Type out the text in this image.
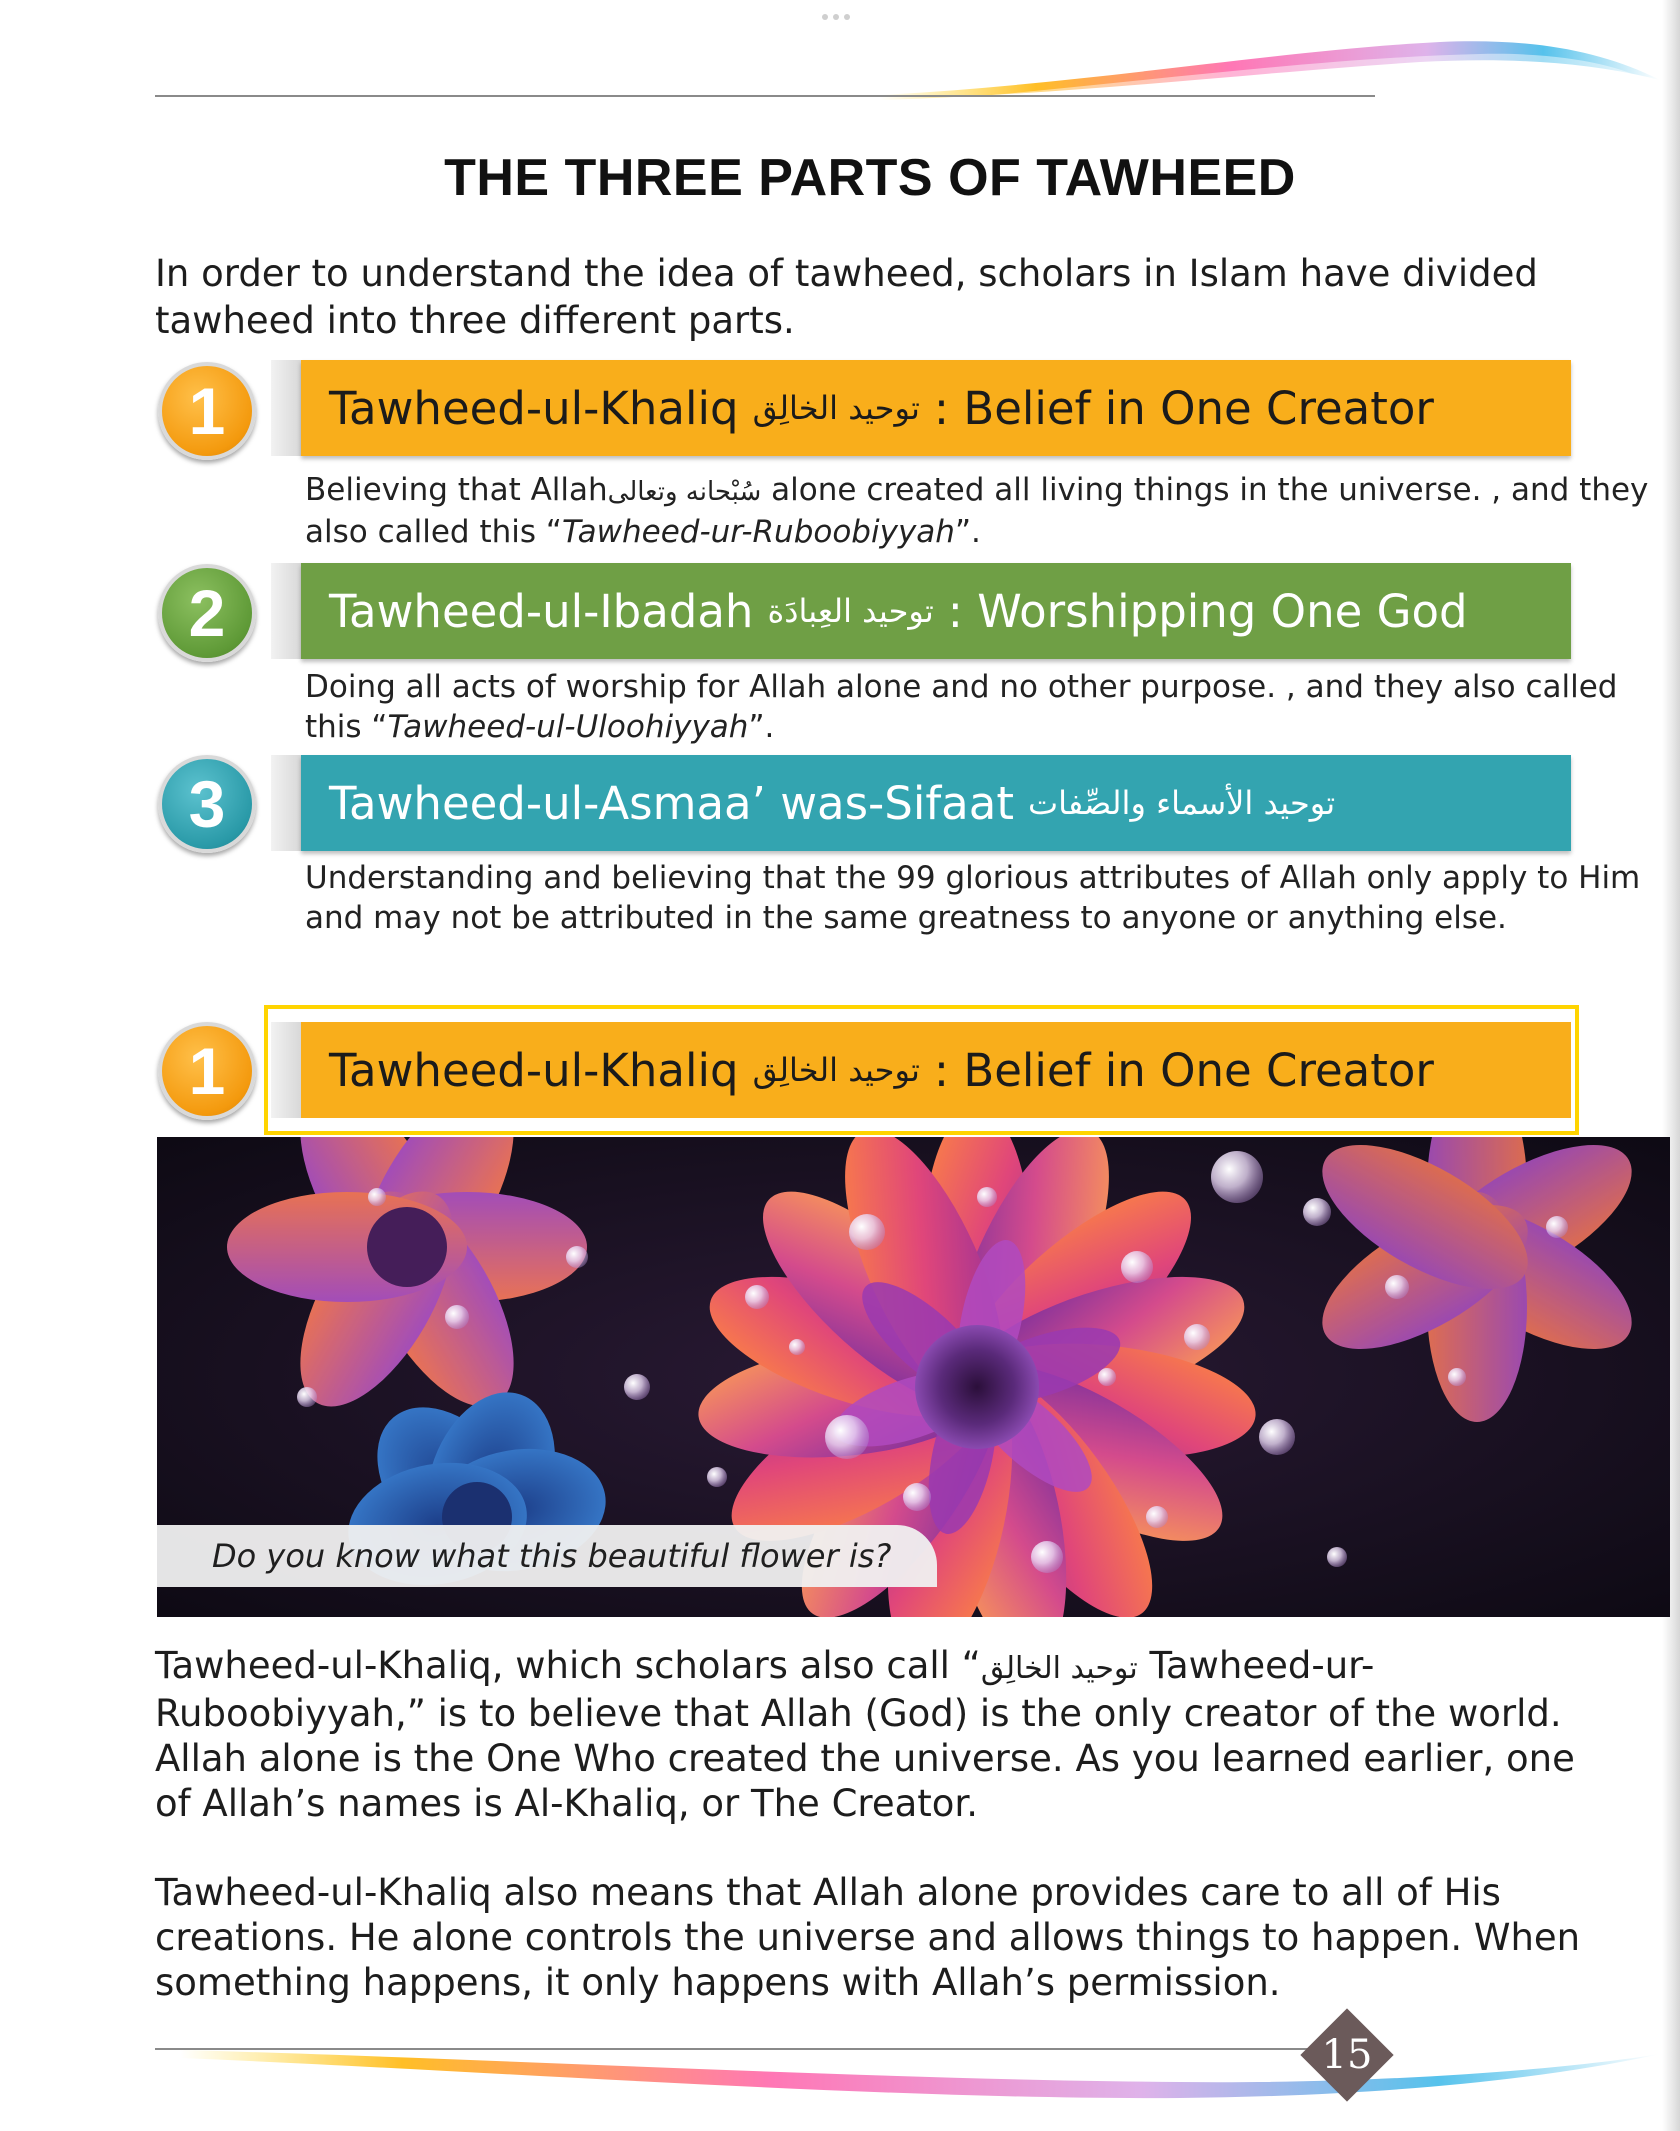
THE THREE PARTS OF TAWHEED

In order to understand the idea of tawheed, scholars in Islam have divided tawheed into three different parts.

1	Tawheed-ul-Khaliq توحيد الخالِق :
Belief in One Creator

Believing that Allahسُبْحانه وتعالى alone created all living things in the universe. , and they also called this “Tawheed-ur-Ruboobiyyah”.

2	Tawheed-ul-Ibadah توحيد العِبادَة :
Worshipping One God

Doing all acts of worship for Allah alone and no other purpose. , and they also called this “Tawheed-ul-Uloohiyyah”.

3	Tawheed-ul-Asmaa’ was-Sifaat توحيد الأسماء والصِّفات

Understanding and believing that the 99 glorious attributes of Allah only apply to Him and may not be attributed in the same greatness to anyone or anything else.

1	Tawheed-ul-Khaliq توحيد الخالِق :
Belief in One Creator
Do you know what this beautiful flower is?

Tawheed-ul-Khaliq, which scholars also call “توحيد الخالِق Tawheed-ur-Ruboobiyyah,” is to believe that Allah (God) is the only creator of the world. Allah alone is the One Who created the universe. As you learned earlier, one of Allah’s names is Al-Khaliq, or The Creator.

Tawheed-ul-Khaliq also means that Allah alone provides care to all of His creations. He alone controls the universe and allows things to happen. When something happens, it only happens with Allah’s permission.

15
